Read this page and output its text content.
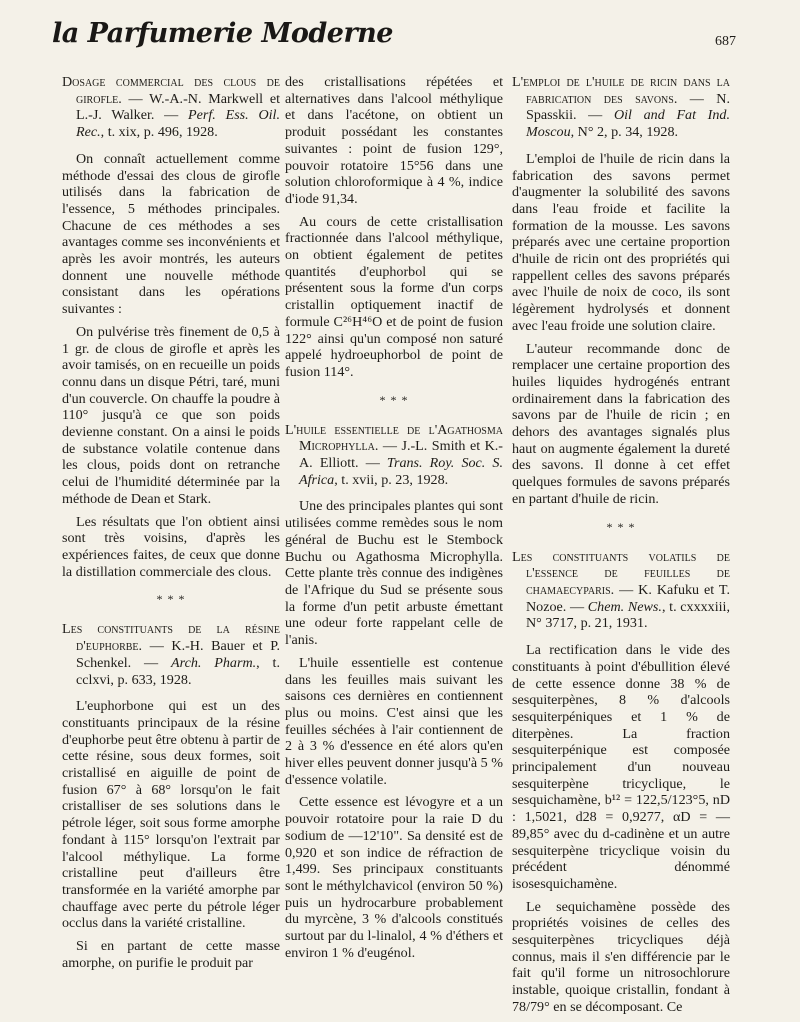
la Parfumerie Moderne	687

Dosage commercial des clous de girofle. — W.-A.-N. Markwell et L.-J. Walker. — Perf. Ess. Oil. Rec., t. xix, p. 496, 1928.

On connaît actuellement comme méthode d'essai des clous de girofle utilisés dans la fabrication de l'essence, 5 méthodes principales. Chacune de ces méthodes a ses avantages comme ses inconvénients et après les avoir montrés, les auteurs donnent une nouvelle méthode consistant dans les opérations suivantes :

On pulvérise très finement de 0,5 à 1 gr. de clous de girofle et après les avoir tamisés, on en recueille un poids connu dans un disque Pétri, taré, muni d'un couvercle. On chauffe la poudre à 110° jusqu'à ce que son poids devienne constant. On a ainsi le poids de substance volatile contenue dans les clous, poids dont on retranche celui de l'humidité déterminée par la méthode de Dean et Stark.

Les résultats que l'on obtient ainsi sont très voisins, d'après les expériences faites, de ceux que donne la distillation commerciale des clous.

* * *

Les constituants de la résine d'euphorbe. — K.-H. Bauer et P. Schenkel. — Arch. Pharm., t. cclxvi, p. 633, 1928.

L'euphorbone qui est un des constituants principaux de la résine d'euphorbe peut être obtenu à partir de cette résine, sous deux formes, soit cristallisé en aiguille de point de fusion 67° à 68° lorsqu'on le fait cristalliser de ses solutions dans le pétrole léger, soit sous forme amorphe fondant à 115° lorsqu'on l'extrait par l'alcool méthylique. La forme cristalline peut d'ailleurs être transformée en la variété amorphe par chauffage avec perte du pétrole léger occlus dans la variété cristalline.

Si en partant de cette masse amorphe, on purifie le produit par

des cristallisations répétées et alternatives dans l'alcool méthylique et dans l'acétone, on obtient un produit possédant les constantes suivantes : point de fusion 129°, pouvoir rotatoire 15°56 dans une solution chloroformique à 4 %, indice d'iode 91,34.

Au cours de cette cristallisation fractionnée dans l'alcool méthylique, on obtient également de petites quantités d'euphorbol qui se présentent sous la forme d'un corps cristallin optiquement inactif de formule C²⁶H⁴⁶O et de point de fusion 122° ainsi qu'un composé non saturé appelé hydroeuphorbol de point de fusion 114°.

* * *

L'huile essentielle de l'Agathosma Microphylla. — J.-L. Smith et K.-A. Elliott. — Trans. Roy. Soc. S. Africa, t. xvii, p. 23, 1928.

Une des principales plantes qui sont utilisées comme remèdes sous le nom général de Buchu est le Stembock Buchu ou Agathosma Microphylla. Cette plante très connue des indigènes de l'Afrique du Sud se présente sous la forme d'un petit arbuste émettant une odeur forte rappelant celle de l'anis.

L'huile essentielle est contenue dans les feuilles mais suivant les saisons ces dernières en contiennent plus ou moins. C'est ainsi que les feuilles séchées à l'air contiennent de 2 à 3 % d'essence en été alors qu'en hiver elles peuvent donner jusqu'à 5 % d'essence volatile.

Cette essence est lévogyre et a un pouvoir rotatoire pour la raie D du sodium de —12'10". Sa densité est de 0,920 et son indice de réfraction de 1,499. Ses principaux constituants sont le méthylchavicol (environ 50 %) puis un hydrocarbure probablement du myrcène, 3 % d'alcools constitués surtout par du l-linalol, 4 % d'éthers et environ 1 % d'eugénol.

L'emploi de l'huile de ricin dans la fabrication des savons. — N. Spasskii. — Oil and Fat Ind. Moscou, N° 2, p. 34, 1928.

L'emploi de l'huile de ricin dans la fabrication des savons permet d'augmenter la solubilité des savons dans l'eau froide et facilite la formation de la mousse. Les savons préparés avec une certaine proportion d'huile de ricin ont des propriétés qui rappellent celles des savons préparés avec l'huile de noix de coco, ils sont légèrement hydrolysés et donnent avec l'eau froide une solution claire.

L'auteur recommande donc de remplacer une certaine proportion des huiles liquides hydrogénés entrant ordinairement dans la fabrication des savons par de l'huile de ricin ; en dehors des avantages signalés plus haut on augmente également la dureté des savons. Il donne à cet effet quelques formules de savons préparés en partant d'huile de ricin.

* * *

Les constituants volatils de l'essence de feuilles de chamaecyparis. — K. Kafuku et T. Nozoe. — Chem. News., t. cxxxxiii, N° 3717, p. 21, 1931.

La rectification dans le vide des constituants à point d'ébullition élevé de cette essence donne 38 % de sesquiterpènes, 8 % d'alcools sesquiterpéniques et 1 % de diterpènes. La fraction sesquiterpénique est composée principalement d'un nouveau sesquiterpène tricyclique, le sesquichamène, b¹² = 122,5/123°5, nD : 1,5021, d28 = 0,9277, αD = —89,85° avec du d-cadinène et un autre sesquiterpène tricyclique voisin du précédent dénommé isosesquichamène.

Le sequichamène possède des propriétés voisines de celles des sesquiterpènes tricycliques déjà connus, mais il s'en différencie par le fait qu'il forme un nitrosochlorure instable, quoique cristallin, fondant à 78/79° en se décomposant. Ce
